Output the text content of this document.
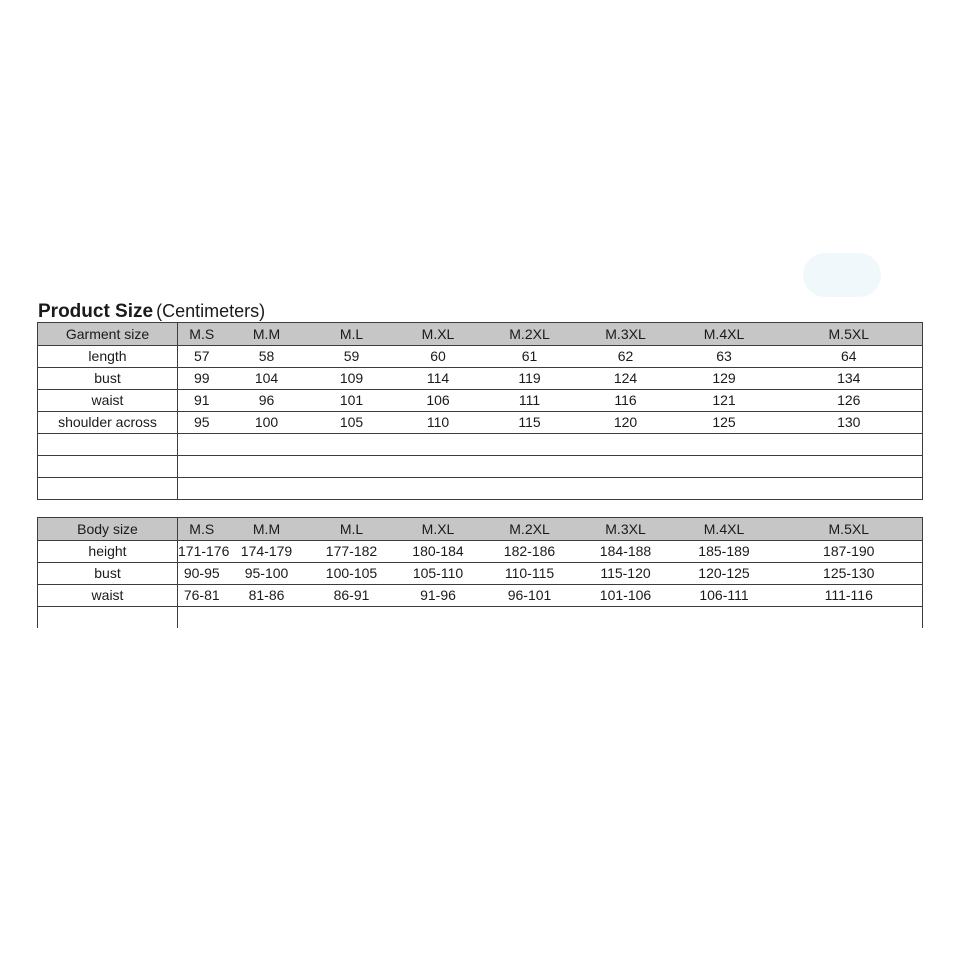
Product Size (Centimeters)
Garment size	M.S	M.M	M.L	M.XL	M.2XL	M.3XL	M.4XL	M.5XL
length	57	58	59	60	61	62	63	64
bust	99	104	109	114	119	124	129	134
waist	91	96	101	106	111	116	121	126
shoulder across	95	100	105	110	115	120	125	130

Body size	M.S	M.M	M.L	M.XL	M.2XL	M.3XL	M.4XL	M.5XL
height	171-176	174-179	177-182	180-184	182-186	184-188	185-189	187-190
bust	90-95	95-100	100-105	105-110	110-115	115-120	120-125	125-130
waist	76-81	81-86	86-91	91-96	96-101	101-106	106-111	111-116
